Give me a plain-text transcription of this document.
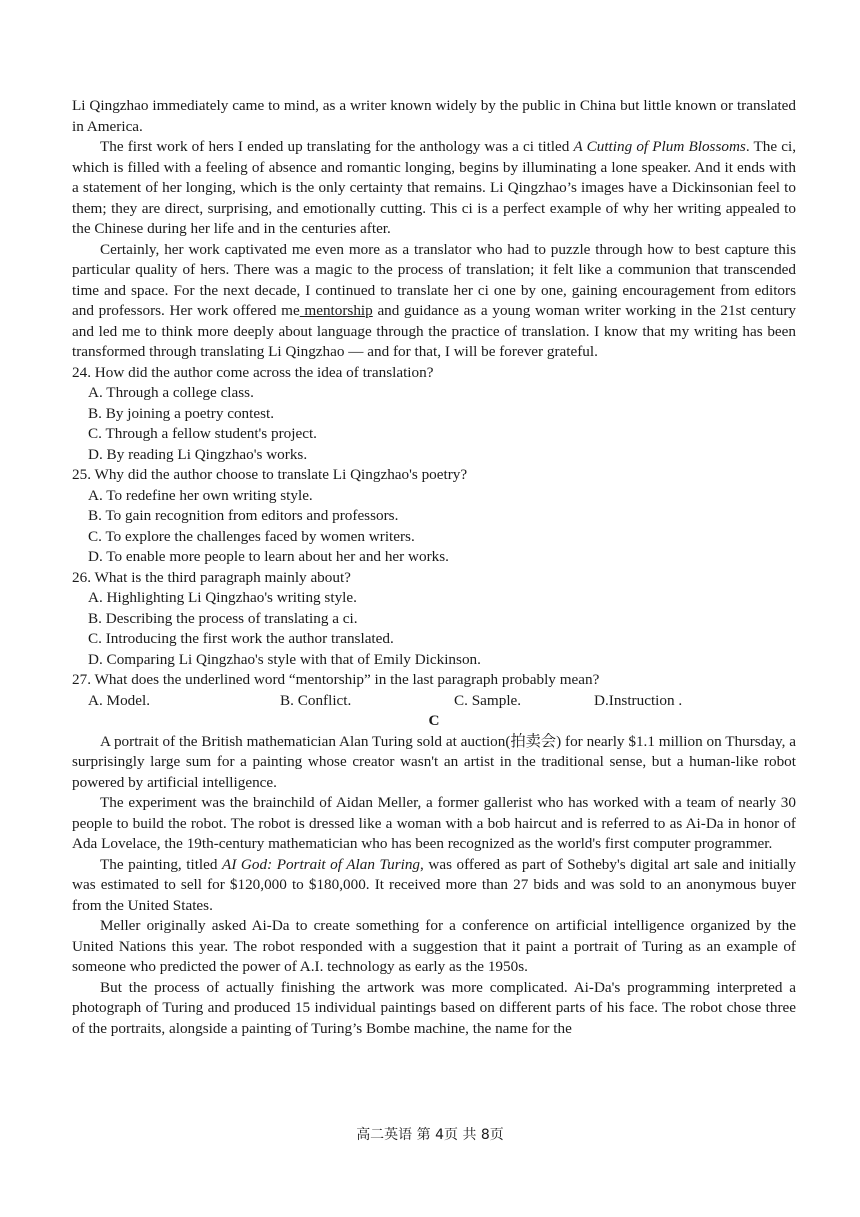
Li Qingzhao immediately came to mind, as a writer known widely by the public in China but little known or translated in America.

The first work of hers I ended up translating for the anthology was a ci titled A Cutting of Plum Blossoms. The ci, which is filled with a feeling of absence and romantic longing, begins by illuminating a lone speaker. And it ends with a statement of her longing, which is the only certainty that remains. Li Qingzhao’s images have a Dickinsonian feel to them; they are direct, surprising, and emotionally cutting. This ci is a perfect example of why her writing appealed to the Chinese during her life and in the centuries after.

Certainly, her work captivated me even more as a translator who had to puzzle through how to best capture this particular quality of hers. There was a magic to the process of translation; it felt like a communion that transcended time and space. For the next decade, I continued to translate her ci one by one, gaining encouragement from editors and professors. Her work offered me mentorship and guidance as a young woman writer working in the 21st century and led me to think more deeply about language through the practice of translation. I know that my writing has been transformed through translating Li Qingzhao — and for that, I will be forever grateful.

24. How did the author come across the idea of translation?

A. Through a college class.

B. By joining a poetry contest.

C. Through a fellow student's project.

D. By reading Li Qingzhao's works.

25. Why did the author choose to translate Li Qingzhao's poetry?

A. To redefine her own writing style.

B. To gain recognition from editors and professors.

C. To explore the challenges faced by women writers.

D. To enable more people to learn about her and her works.

26. What is the third paragraph mainly about?

A. Highlighting Li Qingzhao's writing style.

B. Describing the process of translating a ci.

C. Introducing the first work the author translated.

D. Comparing Li Qingzhao's style with that of Emily Dickinson.

27. What does the underlined word “mentorship” in the last paragraph probably mean?

A. Model.	B. Conflict.	C. Sample.	D.Instruction .

C

A portrait of the British mathematician Alan Turing sold at auction(拍卖会) for nearly $1.1 million on Thursday, a surprisingly large sum for a painting whose creator wasn't an artist in the traditional sense, but a human-like robot powered by artificial intelligence.

The experiment was the brainchild of Aidan Meller, a former gallerist who has worked with a team of nearly 30 people to build the robot. The robot is dressed like a woman with a bob haircut and is referred to as Ai-Da in honor of Ada Lovelace, the 19th-century mathematician who has been recognized as the world's first computer programmer.

The painting, titled AI God: Portrait of Alan Turing, was offered as part of Sotheby's digital art sale and initially was estimated to sell for $120,000 to $180,000. It received more than 27 bids and was sold to an anonymous buyer from the United States.

Meller originally asked Ai-Da to create something for a conference on artificial intelligence organized by the United Nations this year. The robot responded with a suggestion that it paint a portrait of Turing as an example of someone who predicted the power of A.I. technology as early as the 1950s.

But the process of actually finishing the artwork was more complicated. Ai-Da's programming interpreted a photograph of Turing and produced 15 individual paintings based on different parts of his face. The robot chose three of the portraits, alongside a painting of Turing’s Bombe machine, the name for the

高二英语 第 4页 共 8页
